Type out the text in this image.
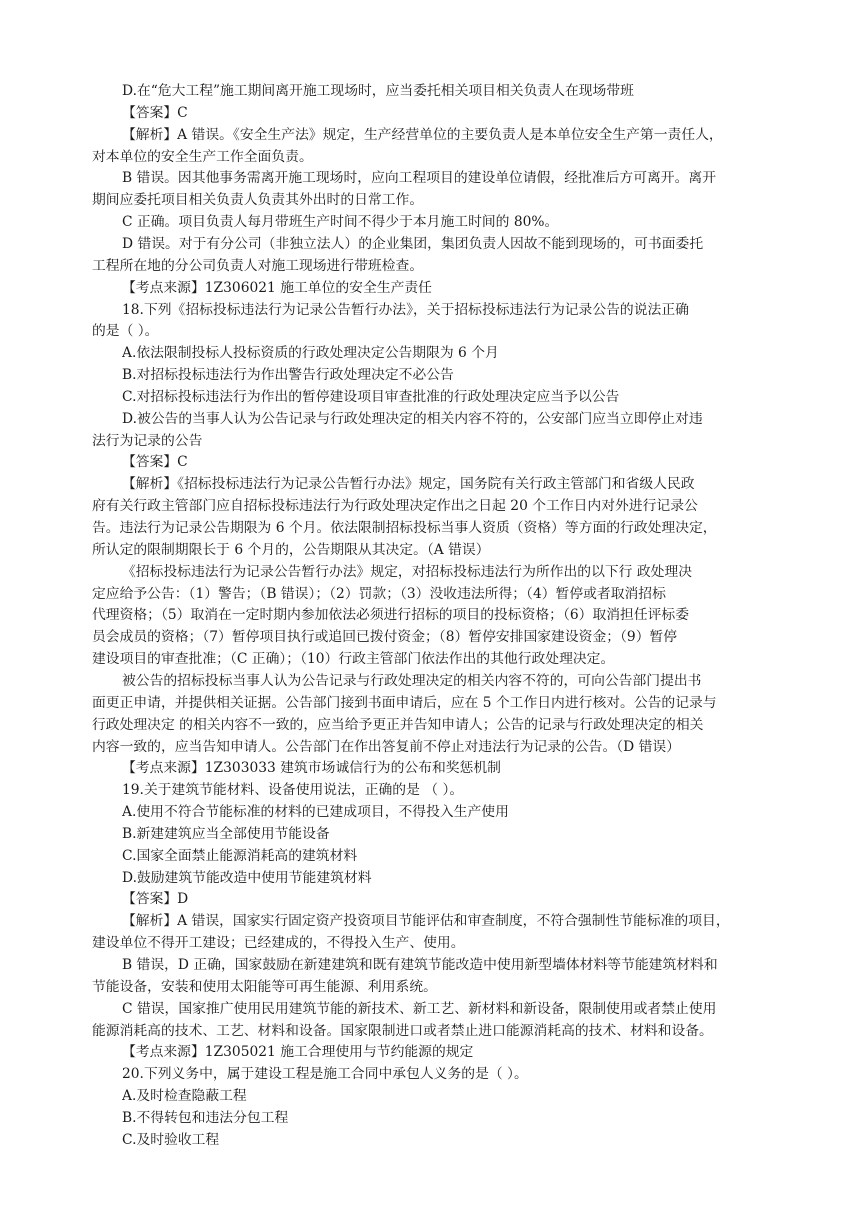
D.在“危大工程”施工期间离开施工现场时，应当委托相关项目相关负责人在现场带班
【答案】C
【解析】A 错误。《安全生产法》规定，生产经营单位的主要负责人是本单位安全生产第一责任人，
对本单位的安全生产工作全面负责。
B 错误。因其他事务需离开施工现场时，应向工程项目的建设单位请假，经批准后方可离开。离开
期间应委托项目相关负责人负责其外出时的日常工作。
C 正确。项目负责人每月带班生产时间不得少于本月施工时间的 80%。
D 错误。对于有分公司（非独立法人）的企业集团，集团负责人因故不能到现场的，可书面委托
工程所在地的分公司负责人对施工现场进行带班检查。
【考点来源】1Z306021 施工单位的安全生产责任
18.下列《招标投标违法行为记录公告暂行办法》，关于招标投标违法行为记录公告的说法正确
的是（ ）。
A.依法限制投标人投标资质的行政处理决定公告期限为 6 个月
B.对招标投标违法行为作出警告行政处理决定不必公告
C.对招标投标违法行为作出的暂停建设项目审查批准的行政处理决定应当予以公告
D.被公告的当事人认为公告记录与行政处理决定的相关内容不符的，公安部门应当立即停止对违
法行为记录的公告
【答案】C
【解析】《招标投标违法行为记录公告暂行办法》规定，国务院有关行政主管部门和省级人民政
府有关行政主管部门应自招标投标违法行为行政处理决定作出之日起 20 个工作日内对外进行记录公
告。违法行为记录公告期限为 6 个月。依法限制招标投标当事人资质（资格）等方面的行政处理决定，
所认定的限制期限长于 6 个月的，公告期限从其决定。（A 错误）
《招标投标违法行为记录公告暂行办法》规定，对招标投标违法行为所作出的以下行 政处理决
定应给予公告：（1）警告；（B 错误）；（2）罚款；（3）没收违法所得；（4）暂停或者取消招标
代理资格；（5）取消在一定时期内参加依法必须进行招标的项目的投标资格；（6）取消担任评标委
员会成员的资格；（7）暂停项目执行或追回已拨付资金；（8）暂停安排国家建设资金；（9）暂停
建设项目的审查批准；（C 正确）；（10）行政主管部门依法作出的其他行政处理决定。
被公告的招标投标当事人认为公告记录与行政处理决定的相关内容不符的，可向公告部门提出书
面更正申请，并提供相关证据。公告部门接到书面申请后，应在 5 个工作日内进行核对。公告的记录与
行政处理决定 的相关内容不一致的，应当给予更正并告知申请人；公告的记录与行政处理决定的相关
内容一致的，应当告知申请人。公告部门在作出答复前不停止对违法行为记录的公告。（D 错误）
【考点来源】1Z303033 建筑市场诚信行为的公布和奖惩机制
19.关于建筑节能材料、设备使用说法，正确的是 （ ）。
A.使用不符合节能标准的材料的已建成项目，不得投入生产使用
B.新建建筑应当全部使用节能设备
C.国家全面禁止能源消耗高的建筑材料
D.鼓励建筑节能改造中使用节能建筑材料
【答案】D
【解析】A 错误，国家实行固定资产投资项目节能评估和审查制度，不符合强制性节能标准的项目，
建设单位不得开工建设；已经建成的，不得投入生产、使用。
B 错误，D 正确，国家鼓励在新建建筑和既有建筑节能改造中使用新型墙体材料等节能建筑材料和
节能设备，安装和使用太阳能等可再生能源、利用系统。
C 错误，国家推广使用民用建筑节能的新技术、新工艺、新材料和新设备，限制使用或者禁止使用
能源消耗高的技术、工艺、材料和设备。国家限制进口或者禁止进口能源消耗高的技术、材料和设备。
【考点来源】1Z305021 施工合理使用与节约能源的规定
20.下列义务中，属于建设工程是施工合同中承包人义务的是（ ）。
A.及时检查隐蔽工程
B.不得转包和违法分包工程
C.及时验收工程
